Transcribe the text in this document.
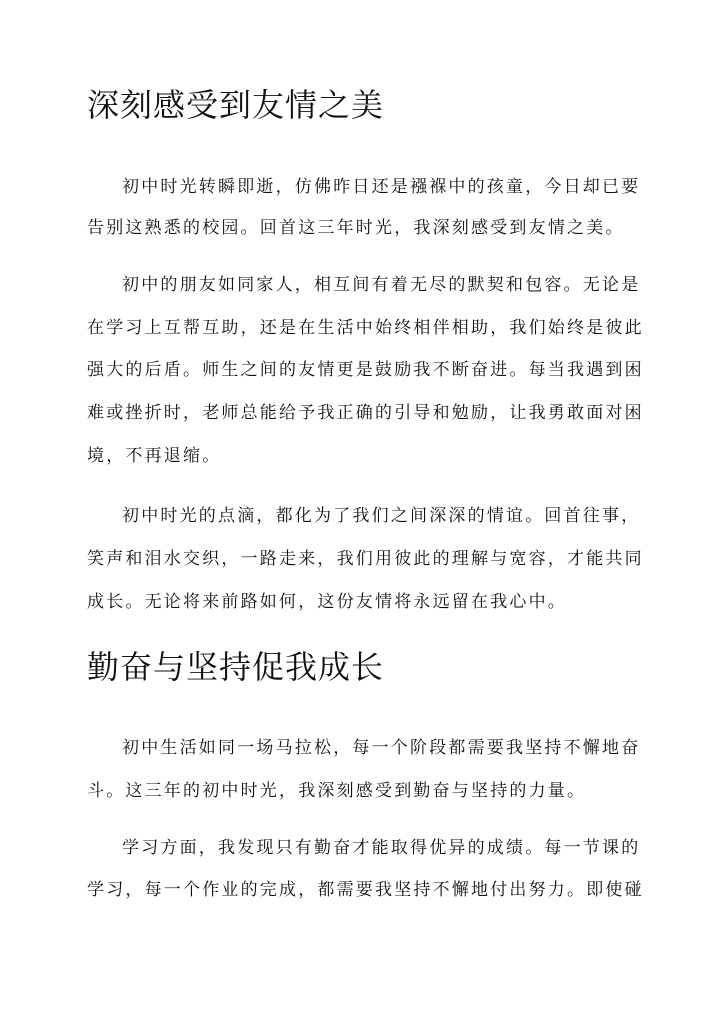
深刻感受到友情之美
初中时光转瞬即逝，仿佛昨日还是襁褓中的孩童，今日却已要
告别这熟悉的校园。回首这三年时光，我深刻感受到友情之美。
初中的朋友如同家人，相互间有着无尽的默契和包容。无论是
在学习上互帮互助，还是在生活中始终相伴相助，我们始终是彼此
强大的后盾。师生之间的友情更是鼓励我不断奋进。每当我遇到困
难或挫折时，老师总能给予我正确的引导和勉励，让我勇敢面对困
境，不再退缩。
初中时光的点滴，都化为了我们之间深深的情谊。回首往事，
笑声和泪水交织，一路走来，我们用彼此的理解与宽容，才能共同
成长。无论将来前路如何，这份友情将永远留在我心中。
勤奋与坚持促我成长
初中生活如同一场马拉松，每一个阶段都需要我坚持不懈地奋
斗。这三年的初中时光，我深刻感受到勤奋与坚持的力量。
学习方面，我发现只有勤奋才能取得优异的成绩。每一节课的
学习，每一个作业的完成，都需要我坚持不懈地付出努力。即使碰
